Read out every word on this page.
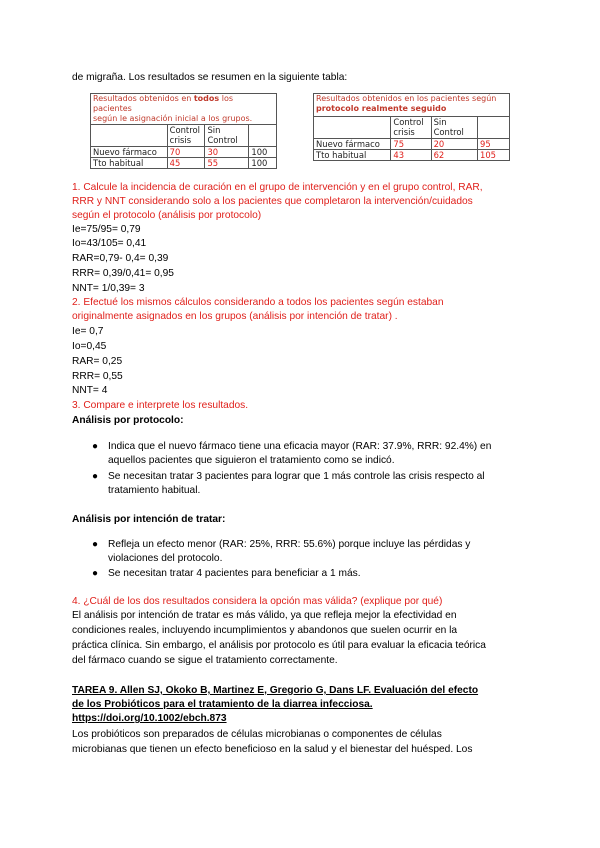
de migraña. Los resultados se resumen en la siguiente tabla:
Resultados obtenidos en todos los pacientes
según le asignación inicial a los grupos.			
	Control crisis	Sin Control	
Nuevo fármaco	70	30	100
Tto habitual	45	55	100
Resultados obtenidos en los pacientes según
protocolo realmente seguido			
	Control crisis	Sin Control	
Nuevo fármaco	75	20	95
Tto habitual	43	62	105
1. Calcule la incidencia de curación en el grupo de intervención y en el grupo control, RAR,
RRR y NNT considerando solo a los pacientes que completaron la intervención/cuidados
según el protocolo (análisis por protocolo)
Ie=75/95= 0,79
Io=43/105= 0,41
RAR=0,79- 0,4= 0,39
RRR= 0,39/0,41= 0,95
NNT= 1/0,39= 3
2. Efectué los mismos cálculos considerando a todos los pacientes según estaban
originalmente asignados en los grupos (análisis por intención de tratar) .
Ie= 0,7
Io=0,45
RAR= 0,25
RRR= 0,55
NNT= 4
3. Compare e interprete los resultados.
Análisis por protocolo:
● Indica que el nuevo fármaco tiene una eficacia mayor (RAR: 37.9%, RRR: 92.4%) en
aquellos pacientes que siguieron el tratamiento como se indicó.
● Se necesitan tratar 3 pacientes para lograr que 1 más controle las crisis respecto al
tratamiento habitual.
Análisis por intención de tratar:
● Refleja un efecto menor (RAR: 25%, RRR: 55.6%) porque incluye las pérdidas y
violaciones del protocolo.
● Se necesitan tratar 4 pacientes para beneficiar a 1 más.
4. ¿Cuál de los dos resultados considera la opción mas válida? (explique por qué)
El análisis por intención de tratar es más válido, ya que refleja mejor la efectividad en
condiciones reales, incluyendo incumplimientos y abandonos que suelen ocurrir en la
práctica clínica. Sin embargo, el análisis por protocolo es útil para evaluar la eficacia teórica
del fármaco cuando se sigue el tratamiento correctamente.
TAREA 9. Allen SJ, Okoko B, Martinez E, Gregorio G, Dans LF. Evaluación del efecto
de los Probióticos para el tratamiento de la diarrea infecciosa.
https://doi.org/10.1002/ebch.873
Los probióticos son preparados de células microbianas o componentes de células
microbianas que tienen un efecto beneficioso en la salud y el bienestar del huésped. Los
